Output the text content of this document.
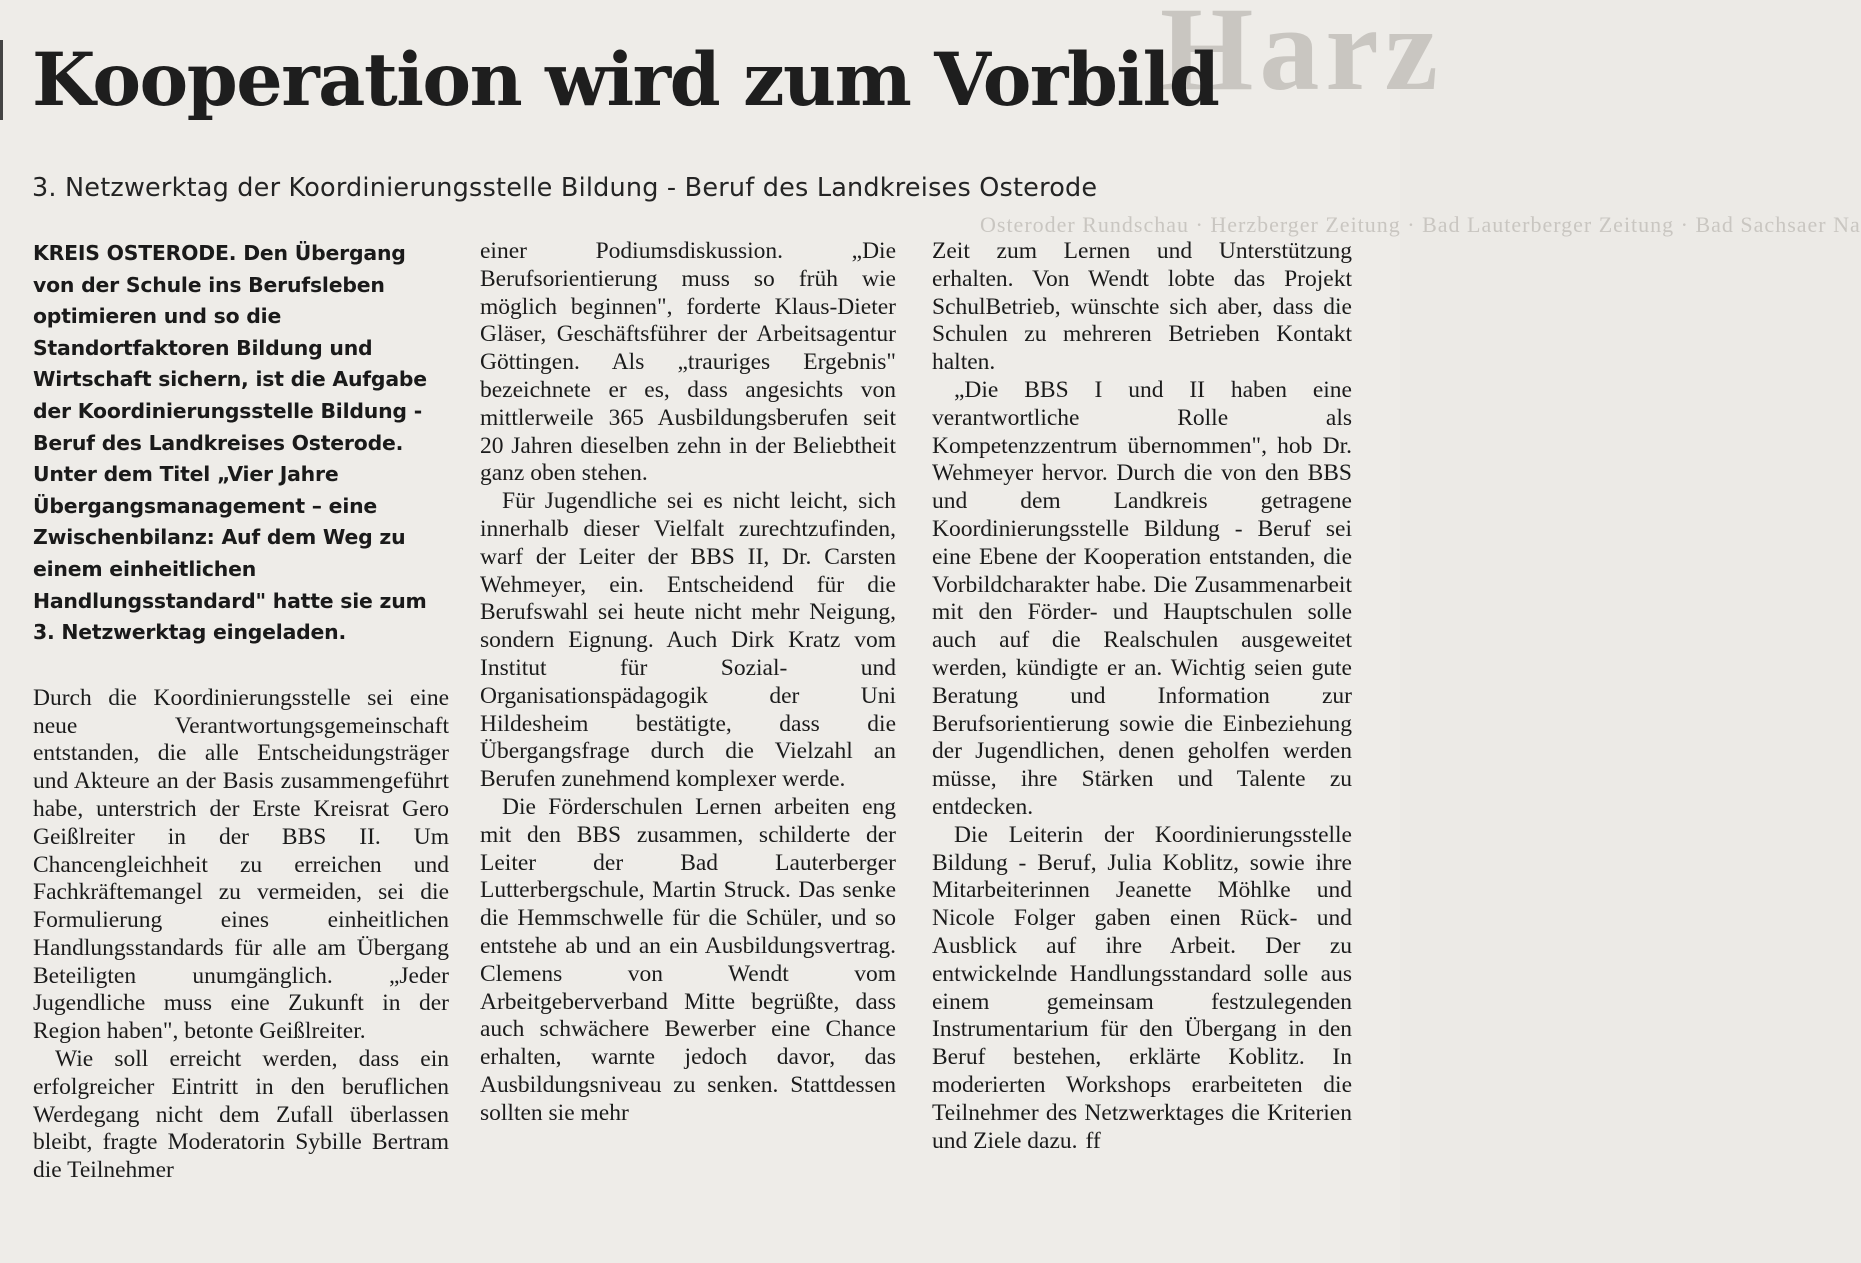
Harz
Osteroder Rundschau · Herzberger Zeitung · Bad Lauterberger Zeitung · Bad Sachsaer Na
Kooperation wird zum Vorbild
3. Netzwerktag der Koordinierungsstelle Bildung - Beruf des Landkreises Osterode
KREIS OSTERODE. Den Übergang von der Schule ins Berufsleben optimieren und so die Standortfaktoren Bildung und Wirtschaft sichern, ist die Aufgabe der Koordinierungsstelle Bildung - Beruf des Landkreises Osterode. Unter dem Titel „Vier Jahre Übergangsmanagement – eine Zwischenbilanz: Auf dem Weg zu einem einheitlichen Handlungsstandard" hatte sie zum 3. Netzwerktag eingeladen.

Durch die Koordinierungsstelle sei eine neue Verantwortungsgemeinschaft entstanden, die alle Entscheidungsträger und Akteure an der Basis zusammengeführt habe, unterstrich der Erste Kreisrat Gero Geißlreiter in der BBS II. Um Chancengleichheit zu erreichen und Fachkräftemangel zu vermeiden, sei die Formulierung eines einheitlichen Handlungsstandards für alle am Übergang Beteiligten unumgänglich. „Jeder Jugendliche muss eine Zukunft in der Region haben", betonte Geißlreiter.

Wie soll erreicht werden, dass ein erfolgreicher Eintritt in den beruflichen Werdegang nicht dem Zufall überlassen bleibt, fragte Moderatorin Sybille Bertram die Teilnehmer

einer Podiumsdiskussion. „Die Berufsorientierung muss so früh wie möglich beginnen", forderte Klaus-Dieter Gläser, Geschäftsführer der Arbeitsagentur Göttingen. Als „trauriges Ergebnis" bezeichnete er es, dass angesichts von mittlerweile 365 Ausbildungsberufen seit 20 Jahren dieselben zehn in der Beliebtheit ganz oben stehen.

Für Jugendliche sei es nicht leicht, sich innerhalb dieser Vielfalt zurechtzufinden, warf der Leiter der BBS II, Dr. Carsten Wehmeyer, ein. Entscheidend für die Berufswahl sei heute nicht mehr Neigung, sondern Eignung. Auch Dirk Kratz vom Institut für Sozial- und Organisationspädagogik der Uni Hildesheim bestätigte, dass die Übergangsfrage durch die Vielzahl an Berufen zunehmend komplexer werde.

Die Förderschulen Lernen arbeiten eng mit den BBS zusammen, schilderte der Leiter der Bad Lauterberger Lutterbergschule, Martin Struck. Das senke die Hemmschwelle für die Schüler, und so entstehe ab und an ein Ausbildungsvertrag. Clemens von Wendt vom Arbeitgeberverband Mitte begrüßte, dass auch schwächere Bewerber eine Chance erhalten, warnte jedoch davor, das Ausbildungsniveau zu senken. Stattdessen sollten sie mehr

Zeit zum Lernen und Unterstützung erhalten. Von Wendt lobte das Projekt SchulBetrieb, wünschte sich aber, dass die Schulen zu mehreren Betrieben Kontakt halten.

„Die BBS I und II haben eine verantwortliche Rolle als Kompetenzzentrum übernommen", hob Dr. Wehmeyer hervor. Durch die von den BBS und dem Landkreis getragene Koordinierungsstelle Bildung - Beruf sei eine Ebene der Kooperation entstanden, die Vorbildcharakter habe. Die Zusammenarbeit mit den Förder- und Hauptschulen solle auch auf die Realschulen ausgeweitet werden, kündigte er an. Wichtig seien gute Beratung und Information zur Berufsorientierung sowie die Einbeziehung der Jugendlichen, denen geholfen werden müsse, ihre Stärken und Talente zu entdecken.

Die Leiterin der Koordinierungsstelle Bildung - Beruf, Julia Koblitz, sowie ihre Mitarbeiterinnen Jeanette Möhlke und Nicole Folger gaben einen Rück- und Ausblick auf ihre Arbeit. Der zu entwickelnde Handlungsstandard solle aus einem gemeinsam festzulegenden Instrumentarium für den Übergang in den Beruf bestehen, erklärte Koblitz. In moderierten Workshops erarbeiteten die Teilnehmer des Netzwerktages die Kriterien und Ziele dazu. ff
